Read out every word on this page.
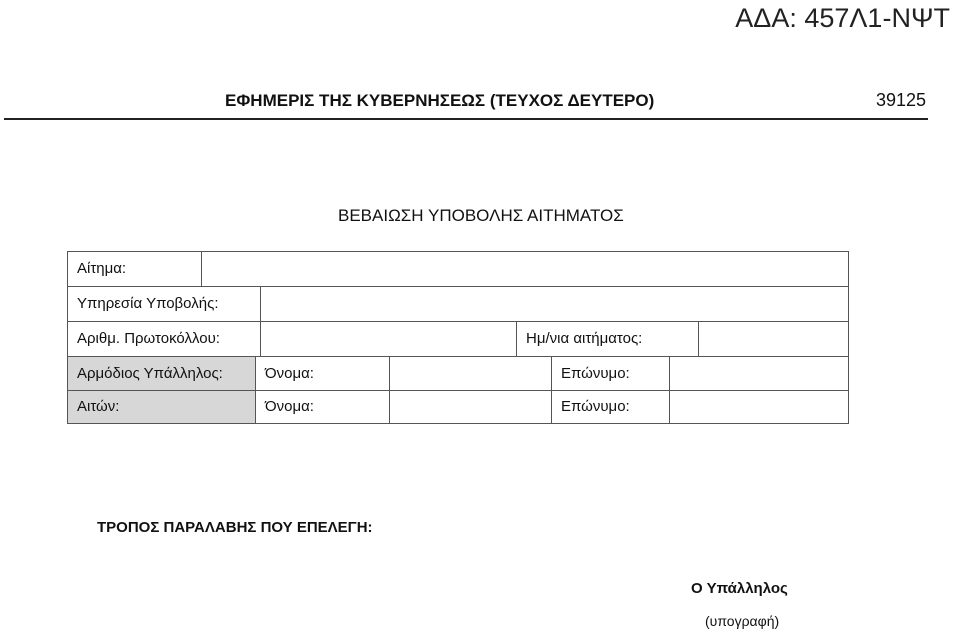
ΑΔΑ: 457Λ1-ΝΨΤ
ΕΦΗΜΕΡΙΣ ΤΗΣ ΚΥΒΕΡΝΗΣΕΩΣ (ΤΕΥΧΟΣ ΔΕΥΤΕΡΟ)	39125
ΒΕΒΑΙΩΣΗ ΥΠΟΒΟΛΗΣ ΑΙΤΗΜΑΤΟΣ
Αίτημα:
Υπηρεσία Υποβολής:
Αριθμ. Πρωτοκόλλου:	Ημ/νια αιτήματος:
Αρμόδιος Υπάλληλος:	Όνομα:	Επώνυμο:
Αιτών:	Όνομα:	Επώνυμο:
ΤΡΟΠΟΣ ΠΑΡΑΛΑΒΗΣ ΠΟΥ ΕΠΕΛΕΓΗ:
Ο Υπάλληλος
(υπογραφή)
